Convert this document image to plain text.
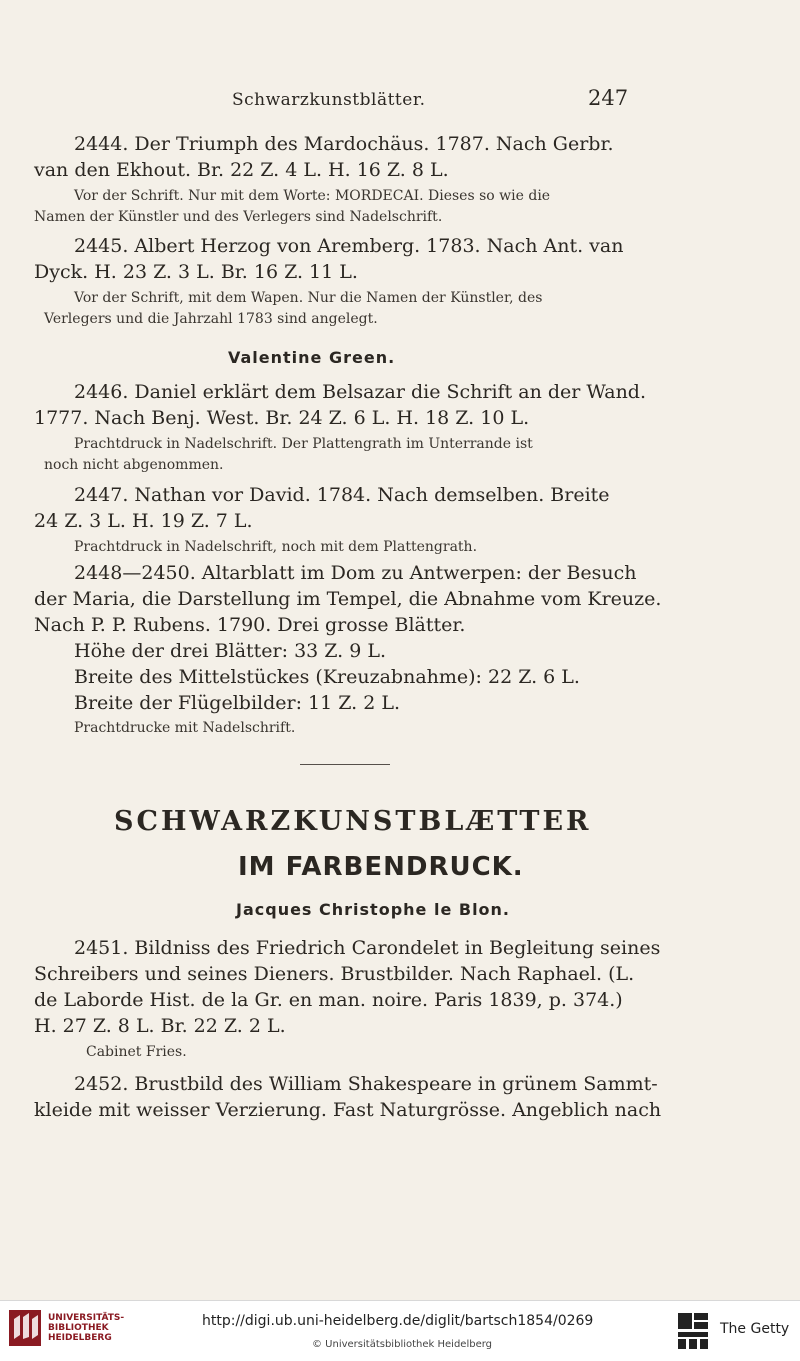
Schwarzkunstblätter.	247
2444. Der Triumph des Mardochäus. 1787. Nach Gerbr.
van den Ekhout. Br. 22 Z. 4 L. H. 16 Z. 8 L.
Vor der Schrift. Nur mit dem Worte: MORDECAI. Dieses so wie die
Namen der Künstler und des Verlegers sind Nadelschrift.
2445. Albert Herzog von Aremberg. 1783. Nach Ant. van
Dyck. H. 23 Z. 3 L. Br. 16 Z. 11 L.
Vor der Schrift, mit dem Wapen. Nur die Namen der Künstler, des
Verlegers und die Jahrzahl 1783 sind angelegt.
Valentine Green.
2446. Daniel erklärt dem Belsazar die Schrift an der Wand.
1777. Nach Benj. West. Br. 24 Z. 6 L. H. 18 Z. 10 L.
Prachtdruck in Nadelschrift. Der Plattengrath im Unterrande ist
noch nicht abgenommen.
2447. Nathan vor David. 1784. Nach demselben. Breite
24 Z. 3 L. H. 19 Z. 7 L.
Prachtdruck in Nadelschrift, noch mit dem Plattengrath.
2448—2450. Altarblatt im Dom zu Antwerpen: der Besuch
der Maria, die Darstellung im Tempel, die Abnahme vom Kreuze.
Nach P. P. Rubens. 1790. Drei grosse Blätter.
Höhe der drei Blätter: 33 Z. 9 L.
Breite des Mittelstückes (Kreuzabnahme): 22 Z. 6 L.
Breite der Flügelbilder: 11 Z. 2 L.
Prachtdrucke mit Nadelschrift.
SCHWARZKUNSTBLÆTTER
IM FARBENDRUCK.
Jacques Christophe le Blon.
2451. Bildniss des Friedrich Carondelet in Begleitung seines
Schreibers und seines Dieners. Brustbilder. Nach Raphael. (L.
de Laborde Hist. de la Gr. en man. noire. Paris 1839, p. 374.)
H. 27 Z. 8 L. Br. 22 Z. 2 L.
Cabinet Fries.
2452. Brustbild des William Shakespeare in grünem Sammt-
kleide mit weisser Verzierung. Fast Naturgrösse. Angeblich nach
UNIVERSITÄTS-
BIBLIOTHEK
HEIDELBERG
http://digi.ub.uni-heidelberg.de/diglit/bartsch1854/0269
© Universitätsbibliothek Heidelberg
The Getty
